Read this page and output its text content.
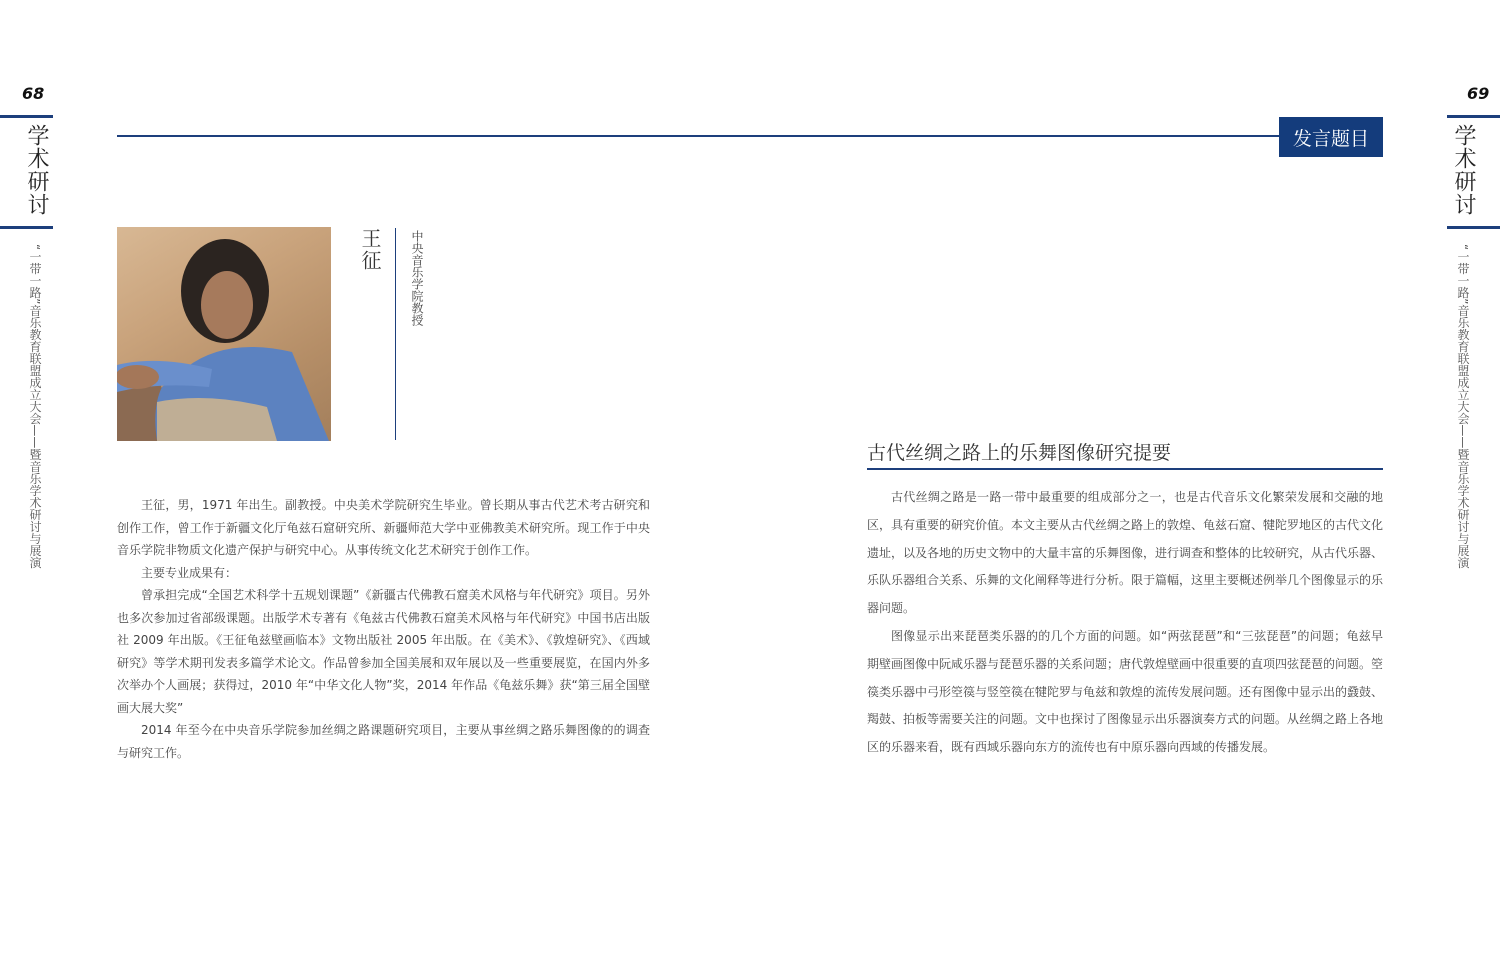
68
学术研讨
“一带一路”音乐教育联盟成立大会——暨音乐学术研讨与展演
69
学术研讨
“一带一路”音乐教育联盟成立大会——暨音乐学术研讨与展演
发言题目
王征 中央音乐学院教授

王征，男，1971 年出生。副教授。中央美术学院研究生毕业。曾长期从事古代艺术考古研究和创作工作，曾工作于新疆文化厅龟兹石窟研究所、新疆师范大学中亚佛教美术研究所。现工作于中央音乐学院非物质文化遗产保护与研究中心。从事传统文化艺术研究于创作工作。

主要专业成果有：

曾承担完成“全国艺术科学十五规划课题”《新疆古代佛教石窟美术风格与年代研究》项目。另外也多次参加过省部级课题。出版学术专著有《龟兹古代佛教石窟美术风格与年代研究》中国书店出版社 2009 年出版。《王征龟兹壁画临本》文物出版社 2005 年出版。在《美术》、《敦煌研究》、《西域研究》等学术期刊发表多篇学术论文。作品曾参加全国美展和双年展以及一些重要展览，在国内外多次举办个人画展；获得过，2010 年“中华文化人物”奖，2014 年作品《龟兹乐舞》获“第三届全国壁画大展大奖”

2014 年至今在中央音乐学院参加丝绸之路课题研究项目，主要从事丝绸之路乐舞图像的的调查与研究工作。

古代丝绸之路上的乐舞图像研究提要

古代丝绸之路是一路一带中最重要的组成部分之一，也是古代音乐文化繁荣发展和交融的地区，具有重要的研究价值。本文主要从古代丝绸之路上的敦煌、龟兹石窟、犍陀罗地区的古代文化遗址，以及各地的历史文物中的大量丰富的乐舞图像，进行调查和整体的比较研究，从古代乐器、乐队乐器组合关系、乐舞的文化阐释等进行分析。限于篇幅，这里主要概述例举几个图像显示的乐器问题。

图像显示出来琵琶类乐器的的几个方面的问题。如“两弦琵琶”和“三弦琵琶”的问题；龟兹早期壁画图像中阮咸乐器与琵琶乐器的关系问题；唐代敦煌壁画中很重要的直项四弦琵琶的问题。箜篌类乐器中弓形箜篌与竖箜篌在犍陀罗与龟兹和敦煌的流传发展问题。还有图像中显示出的鼗鼓、羯鼓、拍板等需要关注的问题。文中也探讨了图像显示出乐器演奏方式的问题。从丝绸之路上各地区的乐器来看，既有西域乐器向东方的流传也有中原乐器向西域的传播发展。
